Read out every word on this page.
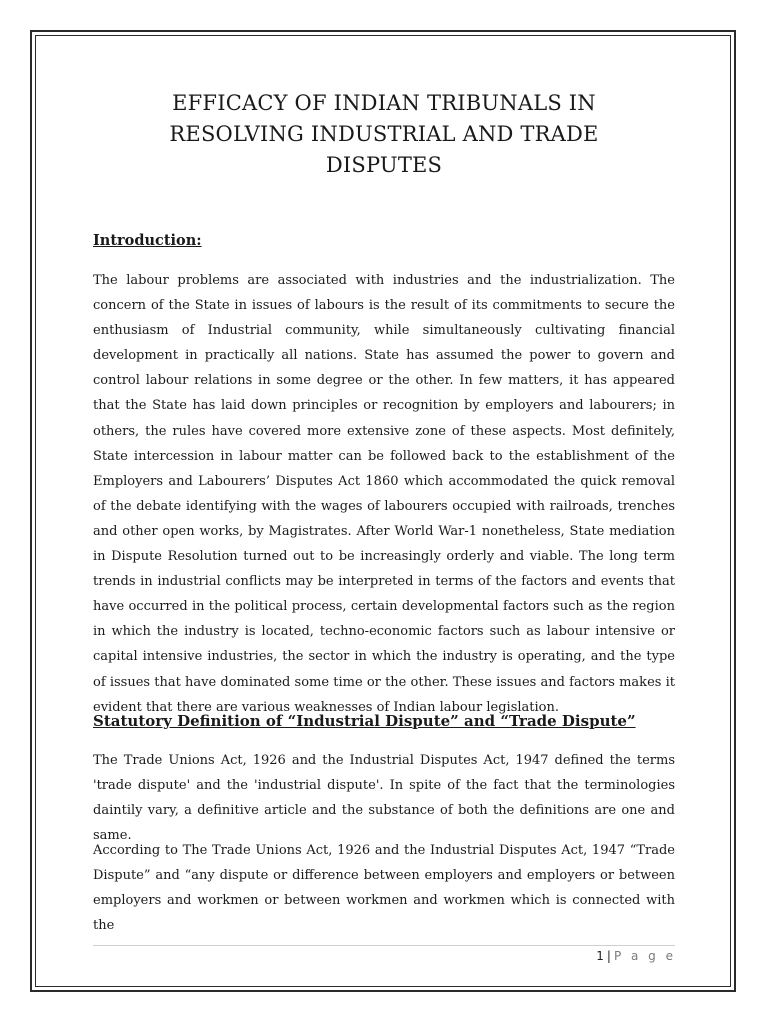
EFFICACY OF INDIAN TRIBUNALS IN
RESOLVING INDUSTRIAL AND TRADE
DISPUTES
Introduction:

The labour problems are associated with industries and the industrialization. The concern of the State in issues of labours is the result of its commitments to secure the enthusiasm of Industrial community, while simultaneously cultivating financial development in practically all nations. State has assumed the power to govern and control labour relations in some degree or the other. In few matters, it has appeared that the State has laid down principles or recognition by employers and labourers; in others, the rules have covered more extensive zone of these aspects. Most definitely, State intercession in labour matter can be followed back to the establishment of the Employers and Labourers’ Disputes Act 1860 which accommodated the quick removal of the debate identifying with the wages of labourers occupied with railroads, trenches and other open works, by Magistrates. After World War-1 nonetheless, State mediation in Dispute Resolution turned out to be increasingly orderly and viable. The long term trends in industrial conflicts may be interpreted in terms of the factors and events that have occurred in the political process, certain developmental factors such as the region in which the industry is located, techno-economic factors such as labour intensive or capital intensive industries, the sector in which the industry is operating, and the type of issues that have dominated some time or the other. These issues and factors makes it evident that there are various weaknesses of Indian labour legislation.

Statutory Definition of “Industrial Dispute” and “Trade Dispute”

The Trade Unions Act, 1926 and the Industrial Disputes Act, 1947 defined the terms 'trade dispute' and the 'industrial dispute'. In spite of the fact that the terminologies daintily vary, a definitive article and the substance of both the definitions are one and same.

According to The Trade Unions Act, 1926 and the Industrial Disputes Act, 1947 “Trade Dispute” and “any dispute or difference between employers and employers or between employers and workmen or between workmen and workmen which is connected with the

1 | P a g e
